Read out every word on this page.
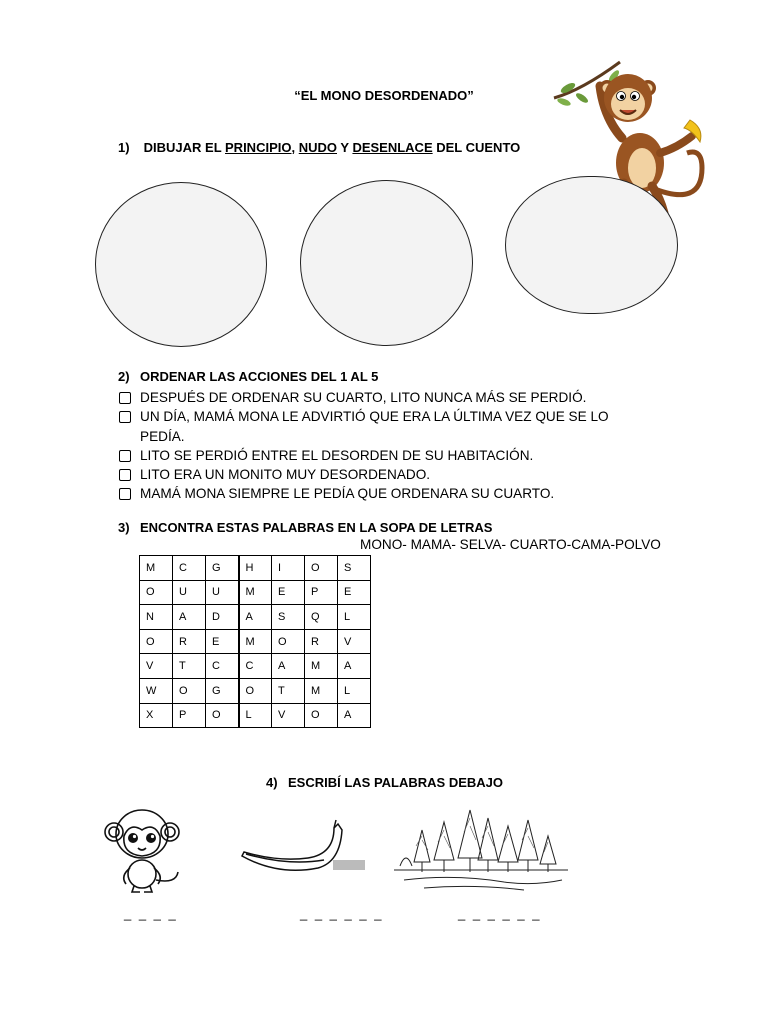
“EL MONO DESORDENADO”
1) DIBUJAR EL PRINCIPIO, NUDO Y DESENLACE DEL CUENTO
2) ORDENAR LAS ACCIONES DEL 1 AL 5
DESPUÉS DE ORDENAR SU CUARTO, LITO NUNCA MÁS SE PERDIÓ.
UN DÍA, MAMÁ MONA LE ADVIRTIÓ QUE ERA LA ÚLTIMA VEZ QUE SE LO PEDÍA.
LITO SE PERDIÓ ENTRE EL DESORDEN DE SU HABITACIÓN.
LITO ERA UN MONITO MUY DESORDENADO.
MAMÁ MONA SIEMPRE LE PEDÍA QUE ORDENARA SU CUARTO.
3) ENCONTRA ESTAS PALABRAS EN LA SOPA DE LETRAS
MONO- MAMA- SELVA- CUARTO-CAMA-POLVO
M	C	G	H	I	O	S
O	U	U	M	E	P	E
N	A	D	A	S	Q	L
O	R	E	M	O	R	V
V	T	C	C	A	M	A
W	O	G	O	T	M	L
X	P	O	L	V	O	A
4) ESCRIBÍ LAS PALABRAS DEBAJO
_ _ _ _	_ _ _ _ _ _	_ _ _ _ _ _
